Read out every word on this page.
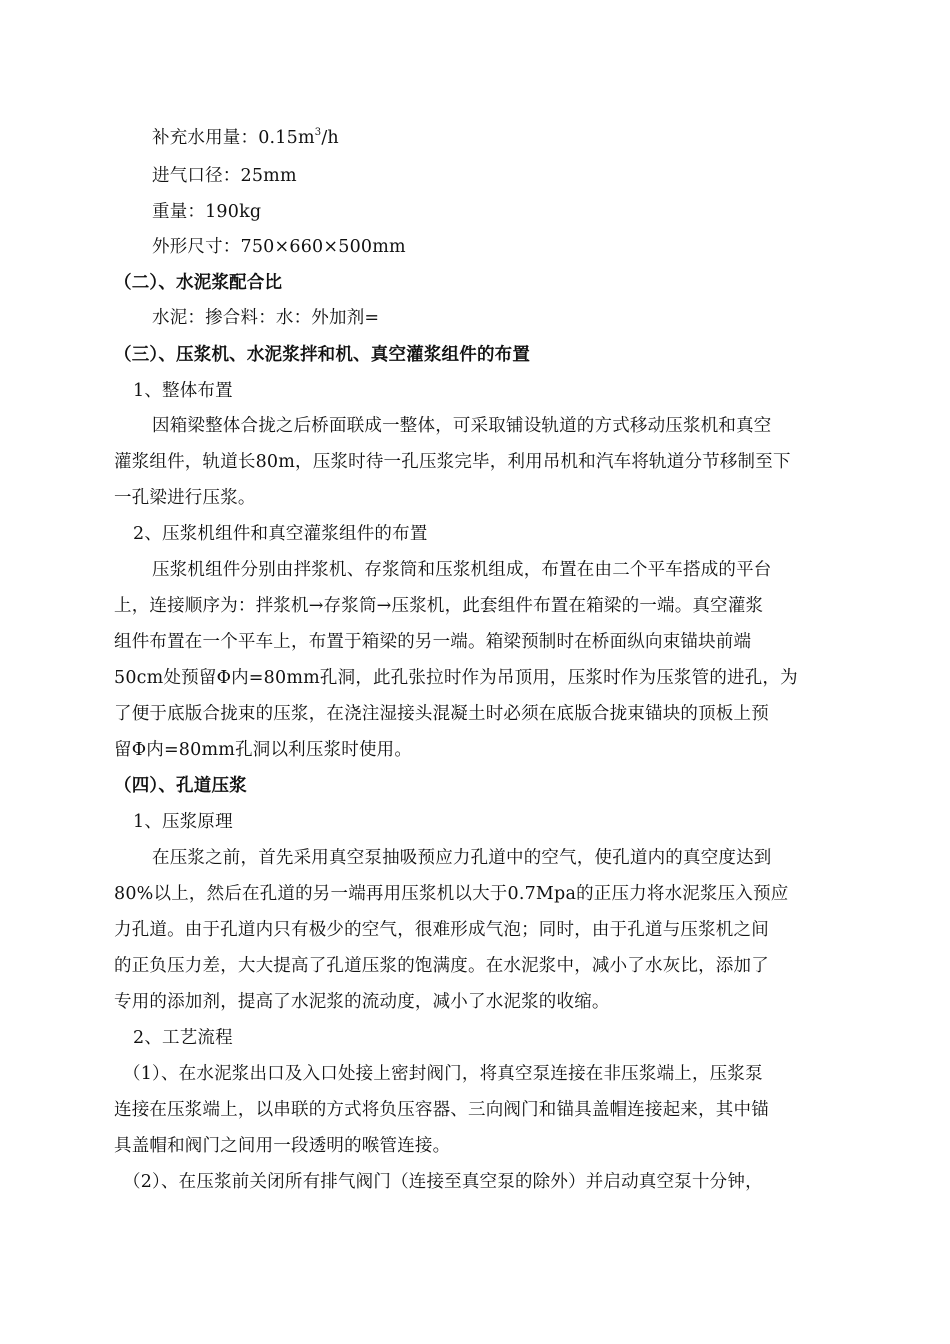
补充水用量：$0.15m^3/h$
进气口径：25mm
重量：190kg
外形尺寸：750×660×500mm
（二）、水泥浆配合比
水泥：掺合料：水：外加剂=
（三）、压浆机、水泥浆拌和机、真空灌浆组件的布置
1、整体布置
因箱梁整体合拢之后桥面联成一整体，可采取铺设轨道的方式移动压浆机和真空
灌浆组件，轨道长80m，压浆时待一孔压浆完毕，利用吊机和汽车将轨道分节移制至下
一孔梁进行压浆。
2、压浆机组件和真空灌浆组件的布置
压浆机组件分别由拌浆机、存浆筒和压浆机组成，布置在由二个平车搭成的平台
上，连接顺序为：拌浆机→存浆筒→压浆机，此套组件布置在箱梁的一端。真空灌浆
组件布置在一个平车上，布置于箱梁的另一端。箱梁预制时在桥面纵向束锚块前端
50cm处预留Φ内=80mm孔洞，此孔张拉时作为吊顶用，压浆时作为压浆管的进孔，为
了便于底版合拢束的压浆，在浇注湿接头混凝土时必须在底版合拢束锚块的顶板上预
留Φ内=80mm孔洞以利压浆时使用。
（四）、孔道压浆
1、压浆原理
在压浆之前，首先采用真空泵抽吸预应力孔道中的空气，使孔道内的真空度达到
80%以上，然后在孔道的另一端再用压浆机以大于0.7Mpa的正压力将水泥浆压入预应
力孔道。由于孔道内只有极少的空气，很难形成气泡；同时，由于孔道与压浆机之间
的正负压力差，大大提高了孔道压浆的饱满度。在水泥浆中，减小了水灰比，添加了
专用的添加剂，提高了水泥浆的流动度，减小了水泥浆的收缩。
2、工艺流程
（1）、在水泥浆出口及入口处接上密封阀门，将真空泵连接在非压浆端上，压浆泵
连接在压浆端上，以串联的方式将负压容器、三向阀门和锚具盖帽连接起来，其中锚
具盖帽和阀门之间用一段透明的喉管连接。
（2）、在压浆前关闭所有排气阀门（连接至真空泵的除外）并启动真空泵十分钟，
